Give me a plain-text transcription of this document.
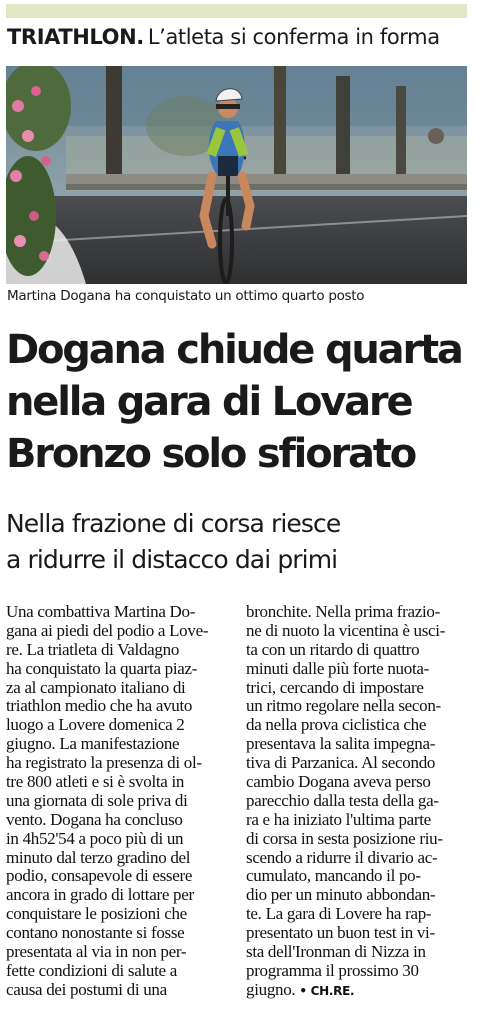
TRIATHLON. L’atleta si conferma in forma
Martina Dogana ha conquistato un ottimo quarto posto
Dogana chiude quarta
nella gara di Lovare
Bronzo solo sfiorato
Nella frazione di corsa riesce
a ridurre il distacco dai primi
Una combattiva Martina Do-
gana ai piedi del podio a Love-
re. La triatleta di Valdagno
ha conquistato la quarta piaz-
za al campionato italiano di
triathlon medio che ha avuto
luogo a Lovere domenica 2
giugno. La manifestazione
ha registrato la presenza di ol-
tre 800 atleti e si è svolta in
una giornata di sole priva di
vento. Dogana ha concluso
in 4h52'54 a poco più di un
minuto dal terzo gradino del
podio, consapevole di essere
ancora in grado di lottare per
conquistare le posizioni che
contano nonostante si fosse
presentata al via in non per-
fette condizioni di salute a
causa dei postumi di una
bronchite. Nella prima frazio-
ne di nuoto la vicentina è usci-
ta con un ritardo di quattro
minuti dalle più forte nuota-
trici, cercando di impostare
un ritmo regolare nella secon-
da nella prova ciclistica che
presentava la salita impegna-
tiva di Parzanica. Al secondo
cambio Dogana aveva perso
parecchio dalla testa della ga-
ra e ha iniziato l'ultima parte
di corsa in sesta posizione riu-
scendo a ridurre il divario ac-
cumulato, mancando il po-
dio per un minuto abbondan-
te. La gara di Lovere ha rap-
presentato un buon test in vi-
sta dell'Ironman di Nizza in
programma il prossimo 30
giugno. • CH.RE.
